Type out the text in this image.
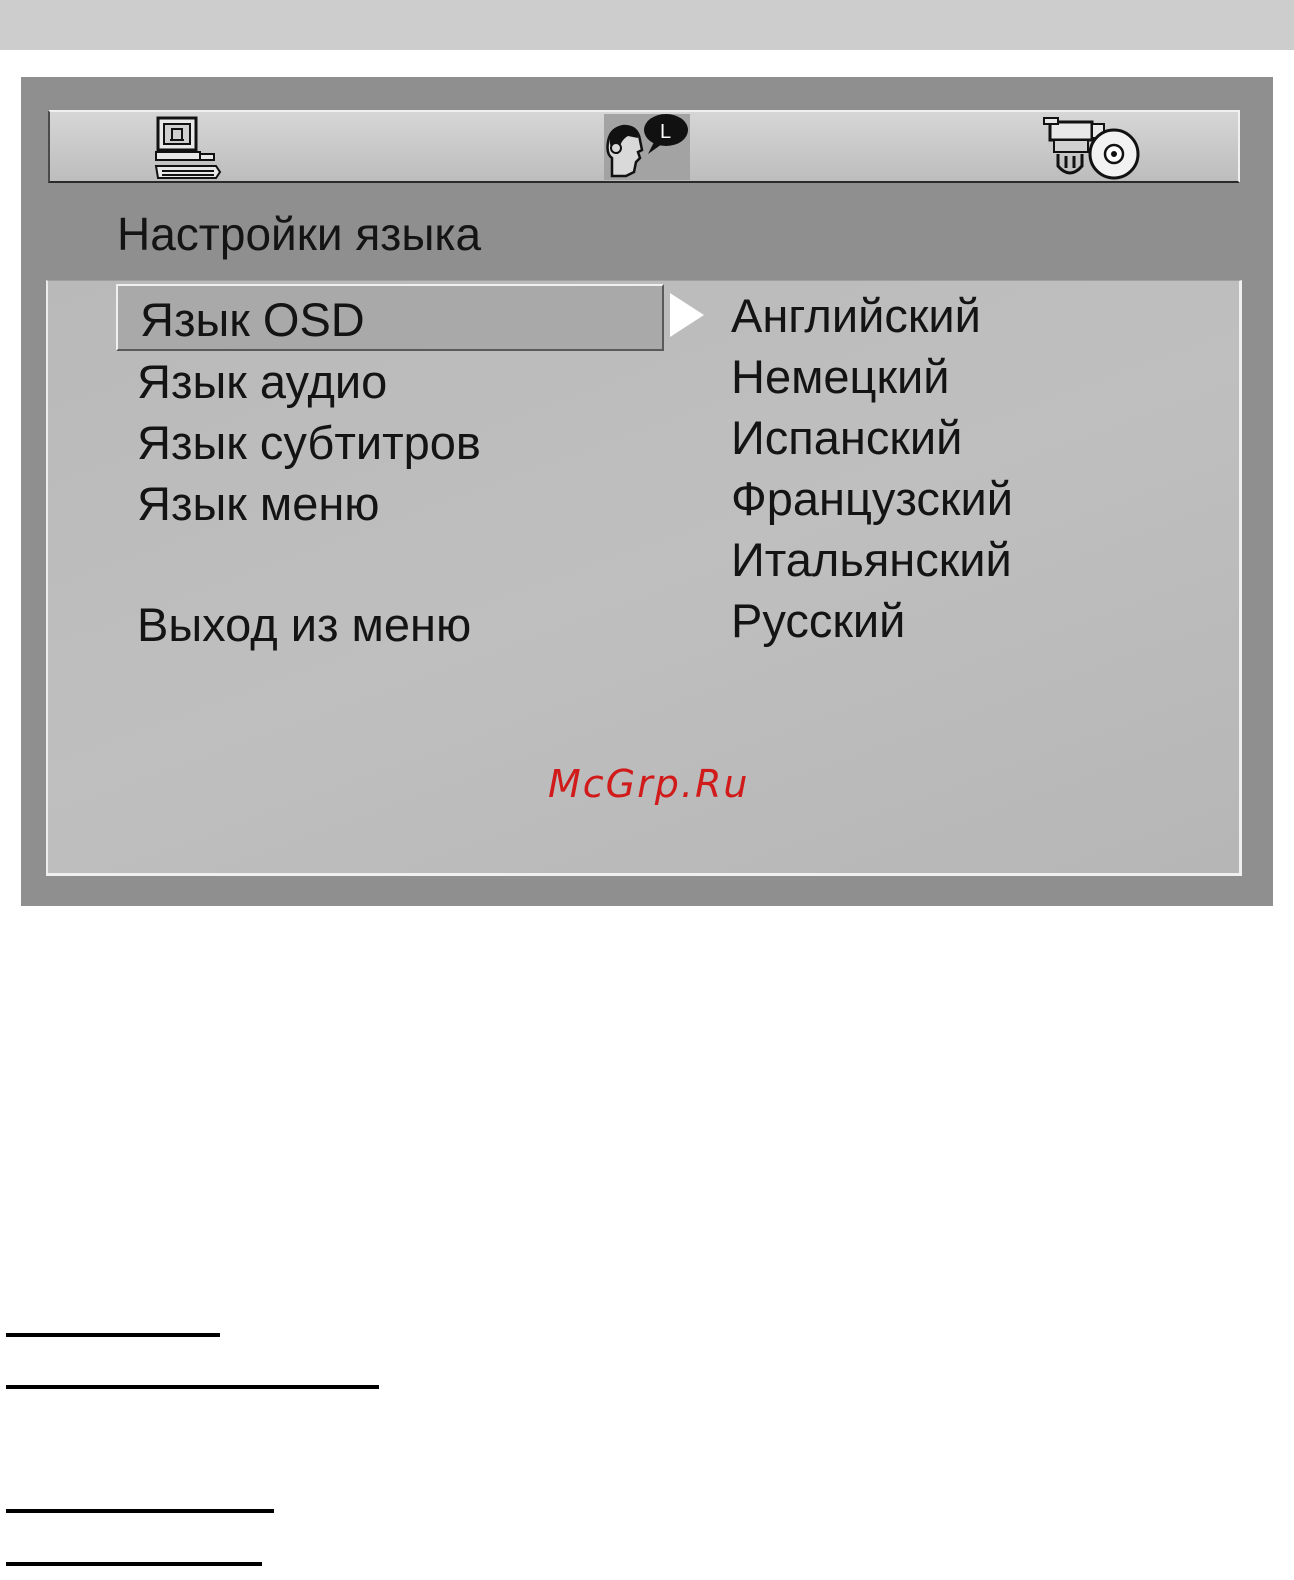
L
Настройки языка
Язык OSD
Язык аудио
Язык субтитров
Язык меню
Выход из меню
Английский
Немецкий
Испанский
Французский
Итальянский
Русский
McGrp.Ru
